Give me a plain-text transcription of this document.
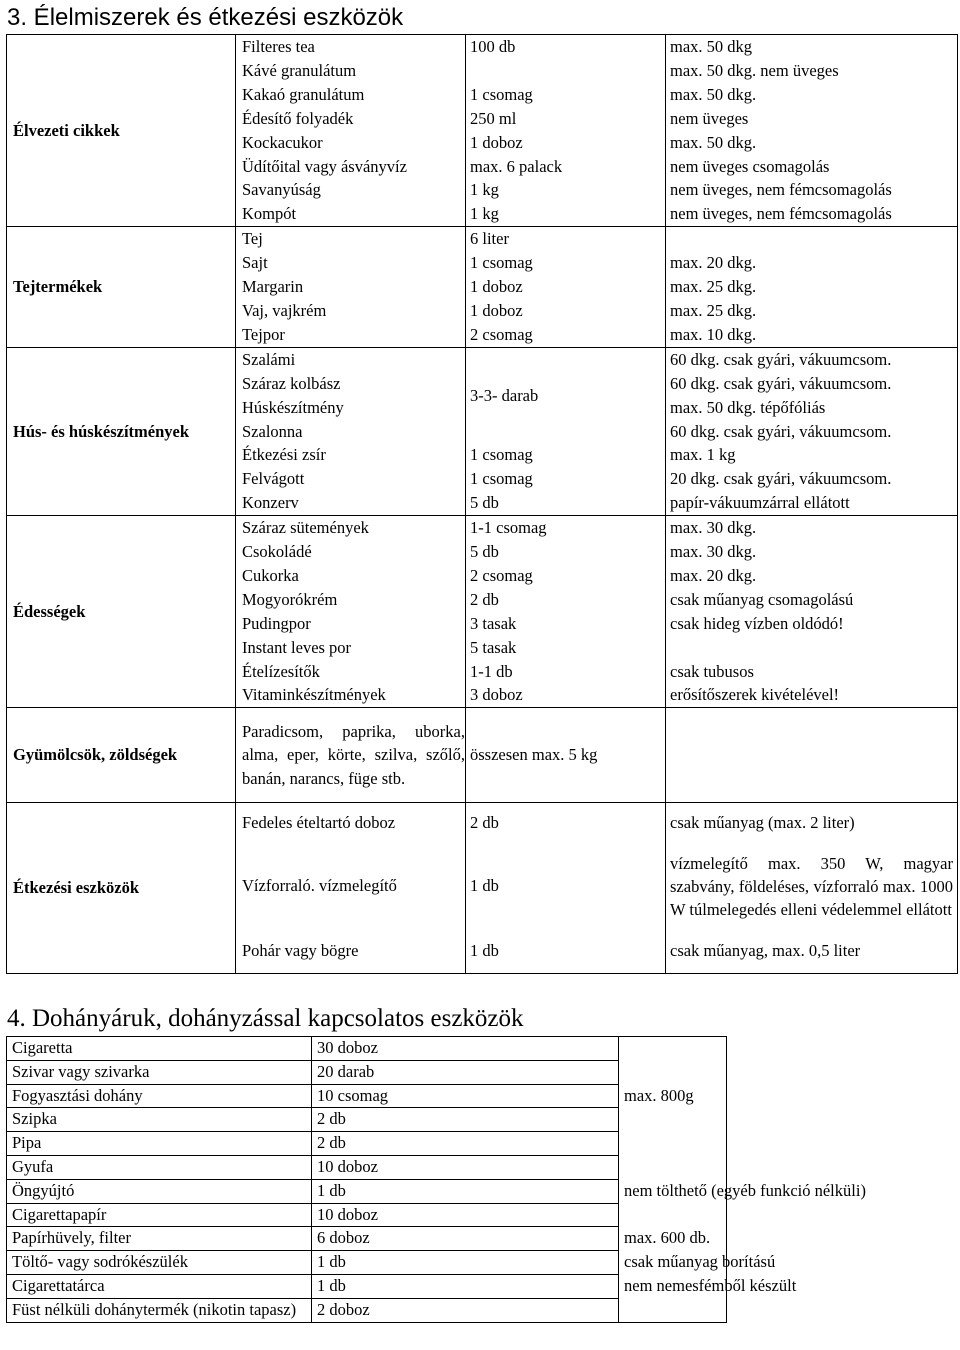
3. Élelmiszerek és étkezési eszközök
Élvezeti cikkek	Filteres tea	100 db	max. 50 dkg
	Kávé granulátum		max. 50 dkg. nem üveges
	Kakaó granulátum	1 csomag	max. 50 dkg.
	Édesítő folyadék	250 ml	nem üveges
	Kockacukor	1 doboz	max. 50 dkg.
	Üdítőital vagy ásványvíz	max. 6 palack	nem üveges csomagolás
	Savanyúság	1 kg	nem üveges, nem fémcsomagolás
	Kompót	1 kg	nem üveges, nem fémcsomagolás
Tejtermékek	Tej	6 liter	
	Sajt	1 csomag	max. 20 dkg.
	Margarin	1 doboz	max. 25 dkg.
	Vaj, vajkrém	1 doboz	max. 25 dkg.
	Tejpor	2 csomag	max. 10 dkg.
Hús- és húskészítmények	Szalámi	3-3- darab	60 dkg. csak gyári, vákuumcsom.
	Száraz kolbász		60 dkg. csak gyári, vákuumcsom.
	Húskészítmény		max. 50 dkg. tépőfóliás
	Szalonna		60 dkg. csak gyári, vákuumcsom.
	Étkezési zsír	1 csomag	max. 1 kg
	Felvágott	1 csomag	20 dkg. csak gyári, vákuumcsom.
	Konzerv	5 db	papír-vákuumzárral ellátott
Édességek	Száraz sütemények	1-1 csomag	max. 30 dkg.
	Csokoládé	5 db	max. 30 dkg.
	Cukorka	2 csomag	max. 20 dkg.
	Mogyorókrém	2 db	csak műanyag csomagolású
	Pudingpor	3 tasak	csak hideg vízben oldódó!
	Instant leves por	5 tasak	
	Ételízesítők	1-1 db	csak tubusos
	Vitaminkészítmények	3 doboz	erősítőszerek kivételével!
Gyümölcsök, zöldségek	Paradicsom, paprika, uborka, alma, eper, körte, szilva, szőlő, banán, narancs, füge stb.	összesen max. 5 kg	
Étkezési eszközök	Fedeles ételtartó doboz	2 db	csak műanyag (max. 2 liter)
	Vízforraló. vízmelegítő	1 db	vízmelegítő max. 350 W, magyar szabvány, földeléses, vízforraló max. 1000 W túlmelegedés elleni védelemmel ellátott
	Pohár vagy bögre	1 db	csak műanyag, max. 0,5 liter
4. Dohányáruk, dohányzással kapcsolatos eszközök
Cigaretta	30 doboz	
Szivar vagy szivarka	20 darab	
Fogyasztási dohány	10 csomag	max. 800g
Szipka	2 db	
Pipa	2 db	
Gyufa	10 doboz	
Öngyújtó	1 db	nem tölthető (egyéb funkció nélküli)
Cigarettapapír	10 doboz	
Papírhüvely, filter	6 doboz	max. 600 db.
Töltő- vagy sodrókészülék	1 db	csak műanyag borítású
Cigarettatárca	1 db	nem nemesfémből készült
Füst nélküli dohánytermék (nikotin tapasz)	2 doboz	
